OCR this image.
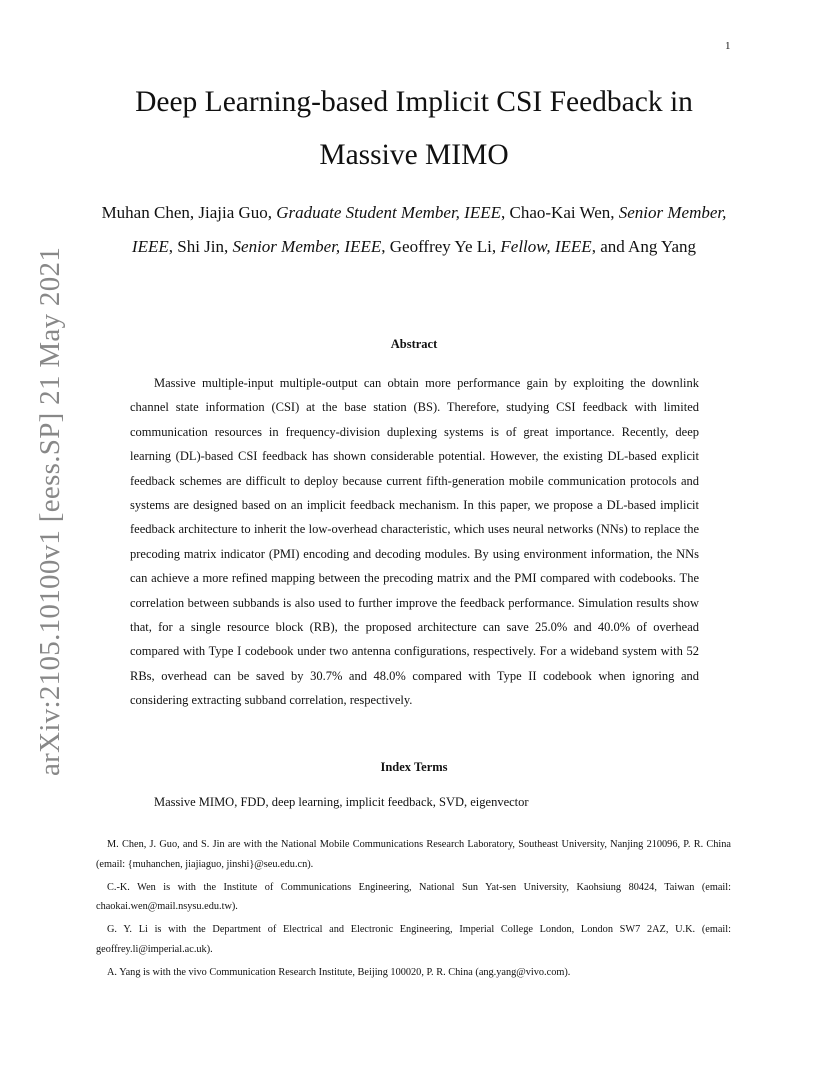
1
arXiv:2105.10100v1 [eess.SP] 21 May 2021
Deep Learning-based Implicit CSI Feedback in Massive MIMO

Muhan Chen, Jiajia Guo, Graduate Student Member, IEEE, Chao-Kai Wen, Senior Member, IEEE, Shi Jin, Senior Member, IEEE, Geoffrey Ye Li, Fellow, IEEE, and Ang Yang

Abstract

Massive multiple-input multiple-output can obtain more performance gain by exploiting the downlink channel state information (CSI) at the base station (BS). Therefore, studying CSI feedback with limited communication resources in frequency-division duplexing systems is of great importance. Recently, deep learning (DL)-based CSI feedback has shown considerable potential. However, the existing DL-based explicit feedback schemes are difficult to deploy because current fifth-generation mobile communication protocols and systems are designed based on an implicit feedback mechanism. In this paper, we propose a DL-based implicit feedback architecture to inherit the low-overhead characteristic, which uses neural networks (NNs) to replace the precoding matrix indicator (PMI) encoding and decoding modules. By using environment information, the NNs can achieve a more refined mapping between the precoding matrix and the PMI compared with codebooks. The correlation between subbands is also used to further improve the feedback performance. Simulation results show that, for a single resource block (RB), the proposed architecture can save 25.0% and 40.0% of overhead compared with Type I codebook under two antenna configurations, respectively. For a wideband system with 52 RBs, overhead can be saved by 30.7% and 48.0% compared with Type II codebook when ignoring and considering extracting subband correlation, respectively.

Index Terms

Massive MIMO, FDD, deep learning, implicit feedback, SVD, eigenvector

M. Chen, J. Guo, and S. Jin are with the National Mobile Communications Research Laboratory, Southeast University, Nanjing 210096, P. R. China (email: {muhanchen, jiajiaguo, jinshi}@seu.edu.cn).

C.-K. Wen is with the Institute of Communications Engineering, National Sun Yat-sen University, Kaohsiung 80424, Taiwan (email: chaokai.wen@mail.nsysu.edu.tw).

G. Y. Li is with the Department of Electrical and Electronic Engineering, Imperial College London, London SW7 2AZ, U.K. (email: geoffrey.li@imperial.ac.uk).

A. Yang is with the vivo Communication Research Institute, Beijing 100020, P. R. China (ang.yang@vivo.com).
